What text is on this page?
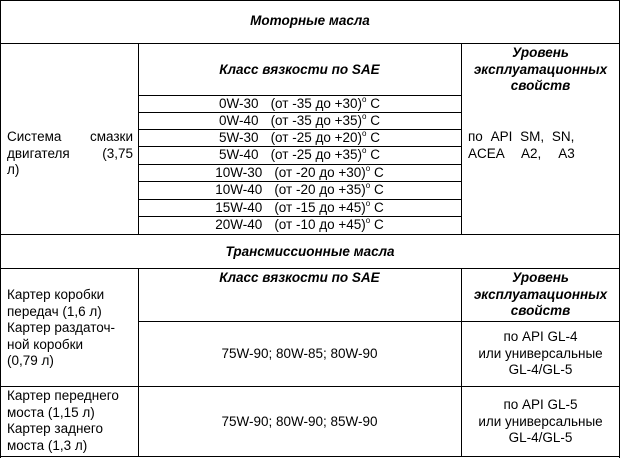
Моторные масла
Класс вязкости по SAE
Уровень
эксплуатационных
свойств
Система смазки
двигателя (3,75
л)
0W-30 (от -35 до +30)$^o$ C
0W-40 (от -35 до +35)$^o$ C
5W-30 (от -25 до +20)$^o$ C
5W-40 (от -25 до +35)$^o$ C
10W-30 (от -20 до +30)$^o$ C
10W-40 (от -20 до +35)$^o$ C
15W-40 (от -15 до +45)$^o$ C
20W-40 (от -10 до +45)$^o$ C
по API SM, SN,
ACEA A2, A3
Трансмиссионные масла
Класс вязкости по SAE	Уровень
эксплуатационных
свойств
Картер коробки
передач (1,6 л)
Картер раздаточ-
ной коробки
(0,79 л)	75W-90; 80W-85; 80W-90
по API GL-4
или универсальные
GL-4/GL-5
Картер переднего
моста (1,15 л)
Картер заднего
моста (1,3 л)
75W-90; 80W-90; 85W-90
по API GL-5
или универсальные
GL-4/GL-5
